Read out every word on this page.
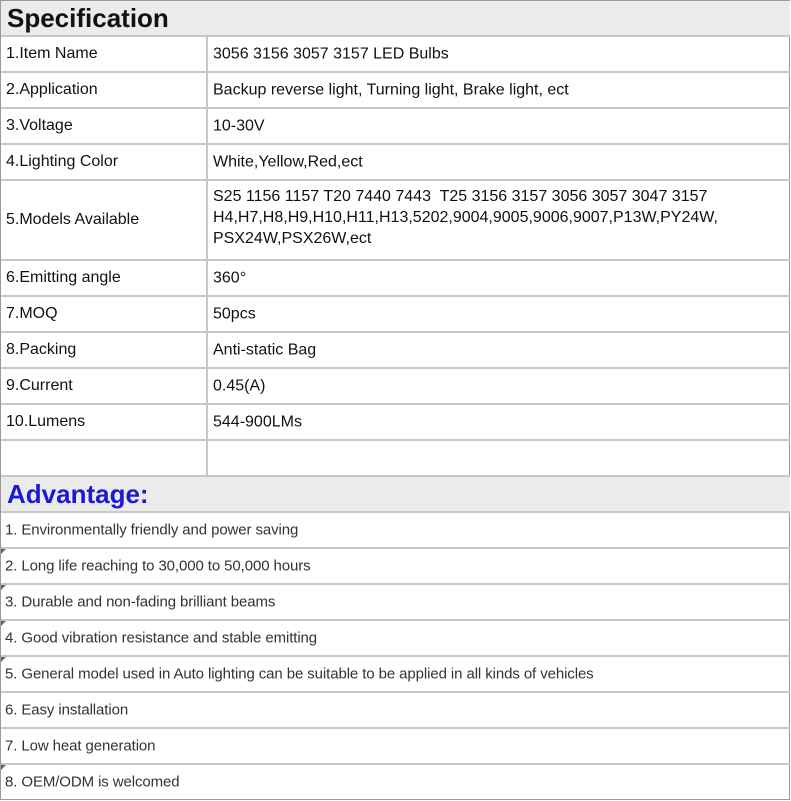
Specification
1.Item Name	3056 3156 3057 3157 LED Bulbs
2.Application	Backup reverse light, Turning light, Brake light, ect
3.Voltage	10-30V
4.Lighting Color	White,Yellow,Red,ect
5.Models Available
S25 1156 1157 T20 7440 7443  T25 3156 3157 3056 3057 3047 3157
H4,H7,H8,H9,H10,H11,H13,5202,9004,9005,9006,9007,P13W,PY24W,
PSX24W,PSX26W,ect
6.Emitting angle	360°
7.MOQ	50pcs
8.Packing	Anti-static Bag
9.Current	0.45(A)
10.Lumens	544-900LMs
Advantage:
1. Environmentally friendly and power saving
2. Long life reaching to 30,000 to 50,000 hours
3. Durable and non-fading brilliant beams
4. Good vibration resistance and stable emitting
5. General model used in Auto lighting can be suitable to be applied in all kinds of vehicles
6. Easy installation
7. Low heat generation
8. OEM/ODM is welcomed
